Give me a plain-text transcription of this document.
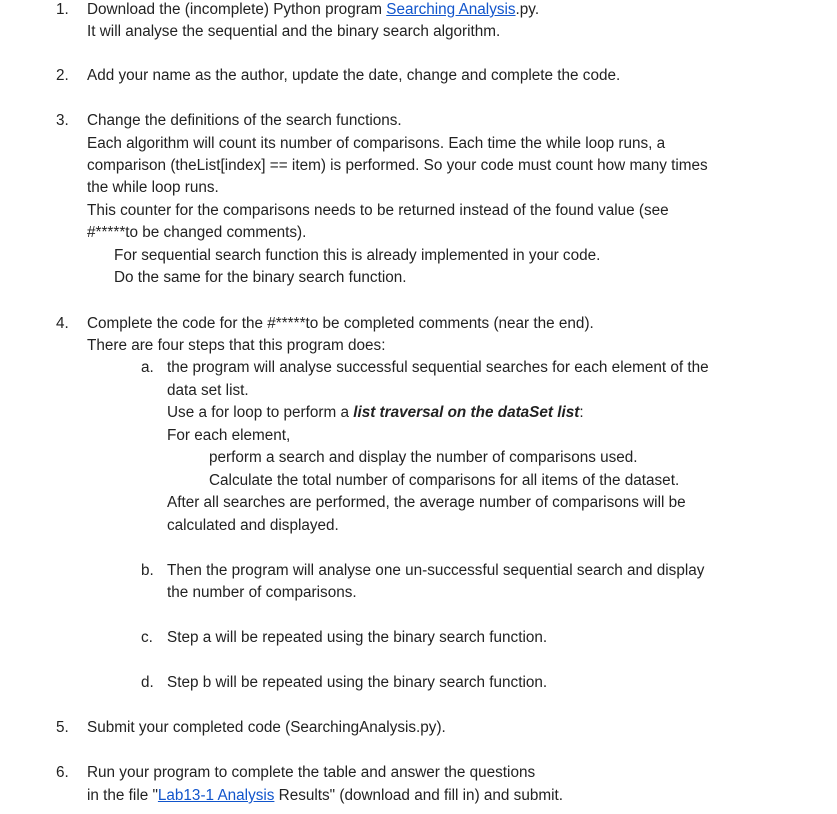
1. Download the (incomplete) Python program Searching Analysis.py.
It will analyse the sequential and the binary search algorithm.
2. Add your name as the author, update the date, change and complete the code.
3. Change the definitions of the search functions.
Each algorithm will count its number of comparisons. Each time the while loop runs, a
comparison (theList[index] == item) is performed. So your code must count how many times
the while loop runs.
This counter for the comparisons needs to be returned instead of the found value (see
#*****to be changed comments).
For sequential search function this is already implemented in your code.
Do the same for the binary search function.
4. Complete the code for the #*****to be completed comments (near the end).
There are four steps that this program does:
a. the program will analyse successful sequential searches for each element of the
data set list.
Use a for loop to perform a list traversal on the dataSet list:
For each element,
perform a search and display the number of comparisons used.
Calculate the total number of comparisons for all items of the dataset.
After all searches are performed, the average number of comparisons will be
calculated and displayed.
b. Then the program will analyse one un-successful sequential search and display
the number of comparisons.
c. Step a will be repeated using the binary search function.
d. Step b will be repeated using the binary search function.
5. Submit your completed code (SearchingAnalysis.py).
6. Run your program to complete the table and answer the questions
in the file "Lab13-1 Analysis Results" (download and fill in) and submit.
